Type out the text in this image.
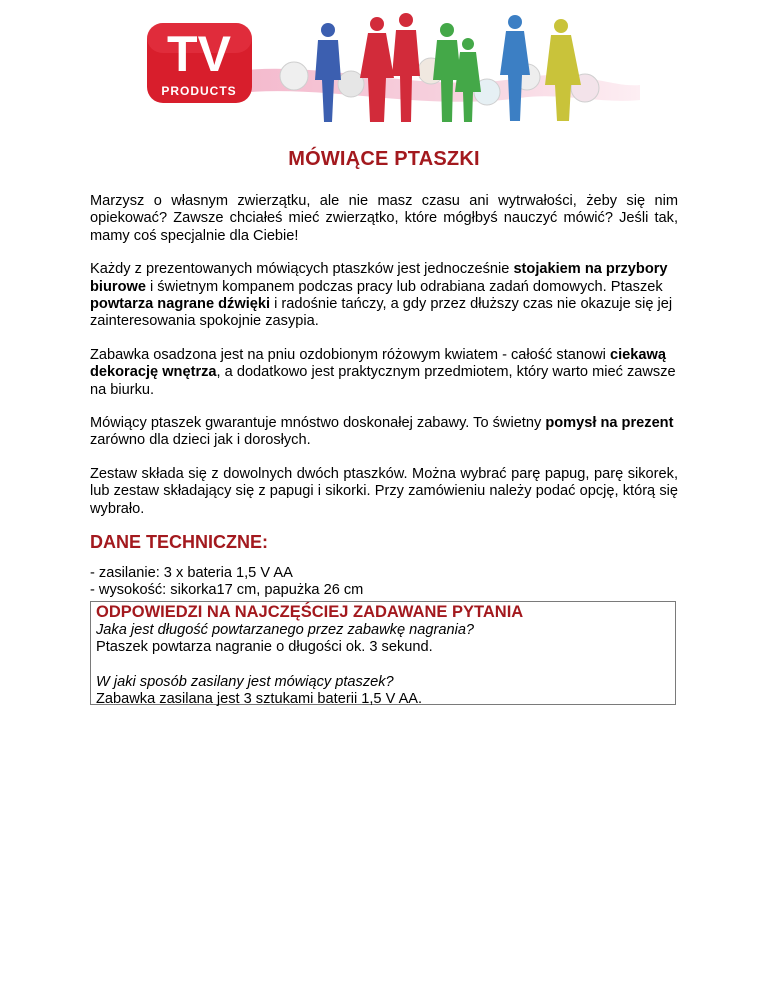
TV
PRODUCTS
MÓWIĄCE PTASZKI

Marzysz o własnym zwierzątku, ale nie masz czasu ani wytrwałości, żeby się nim opiekować? Zawsze chciałeś mieć zwierzątko, które mógłbyś nauczyć mówić? Jeśli tak, mamy coś specjalnie dla Ciebie!

Każdy z prezentowanych mówiących ptaszków jest jednocześnie stojakiem na przybory biurowe i świetnym kompanem podczas pracy lub odrabiana zadań domowych. Ptaszek powtarza nagrane dźwięki i radośnie tańczy, a gdy przez dłuższy czas nie okazuje się jej zainteresowania spokojnie zasypia.

Zabawka osadzona jest na pniu ozdobionym różowym kwiatem - całość stanowi ciekawą dekorację wnętrza, a dodatkowo jest praktycznym przedmiotem, który warto mieć zawsze na biurku.

Mówiący ptaszek gwarantuje mnóstwo doskonałej zabawy. To świetny pomysł na prezent zarówno dla dzieci jak i dorosłych.

Zestaw składa się z dowolnych dwóch ptaszków. Można wybrać parę papug, parę sikorek, lub zestaw składający się z papugi i sikorki. Przy zamówieniu należy podać opcję, którą się wybrało.

DANE TECHNICZNE:
- zasilanie: 3 x bateria 1,5 V AA
- wysokość: sikorka17 cm, papużka 26 cm
ODPOWIEDZI NA NAJCZĘŚCIEJ ZADAWANE PYTANIA
Jaka jest długość powtarzanego przez zabawkę nagrania?
Ptaszek powtarza nagranie o długości ok. 3 sekund.
W jaki sposób zasilany jest mówiący ptaszek?
Zabawka zasilana jest 3 sztukami baterii 1,5 V AA.
